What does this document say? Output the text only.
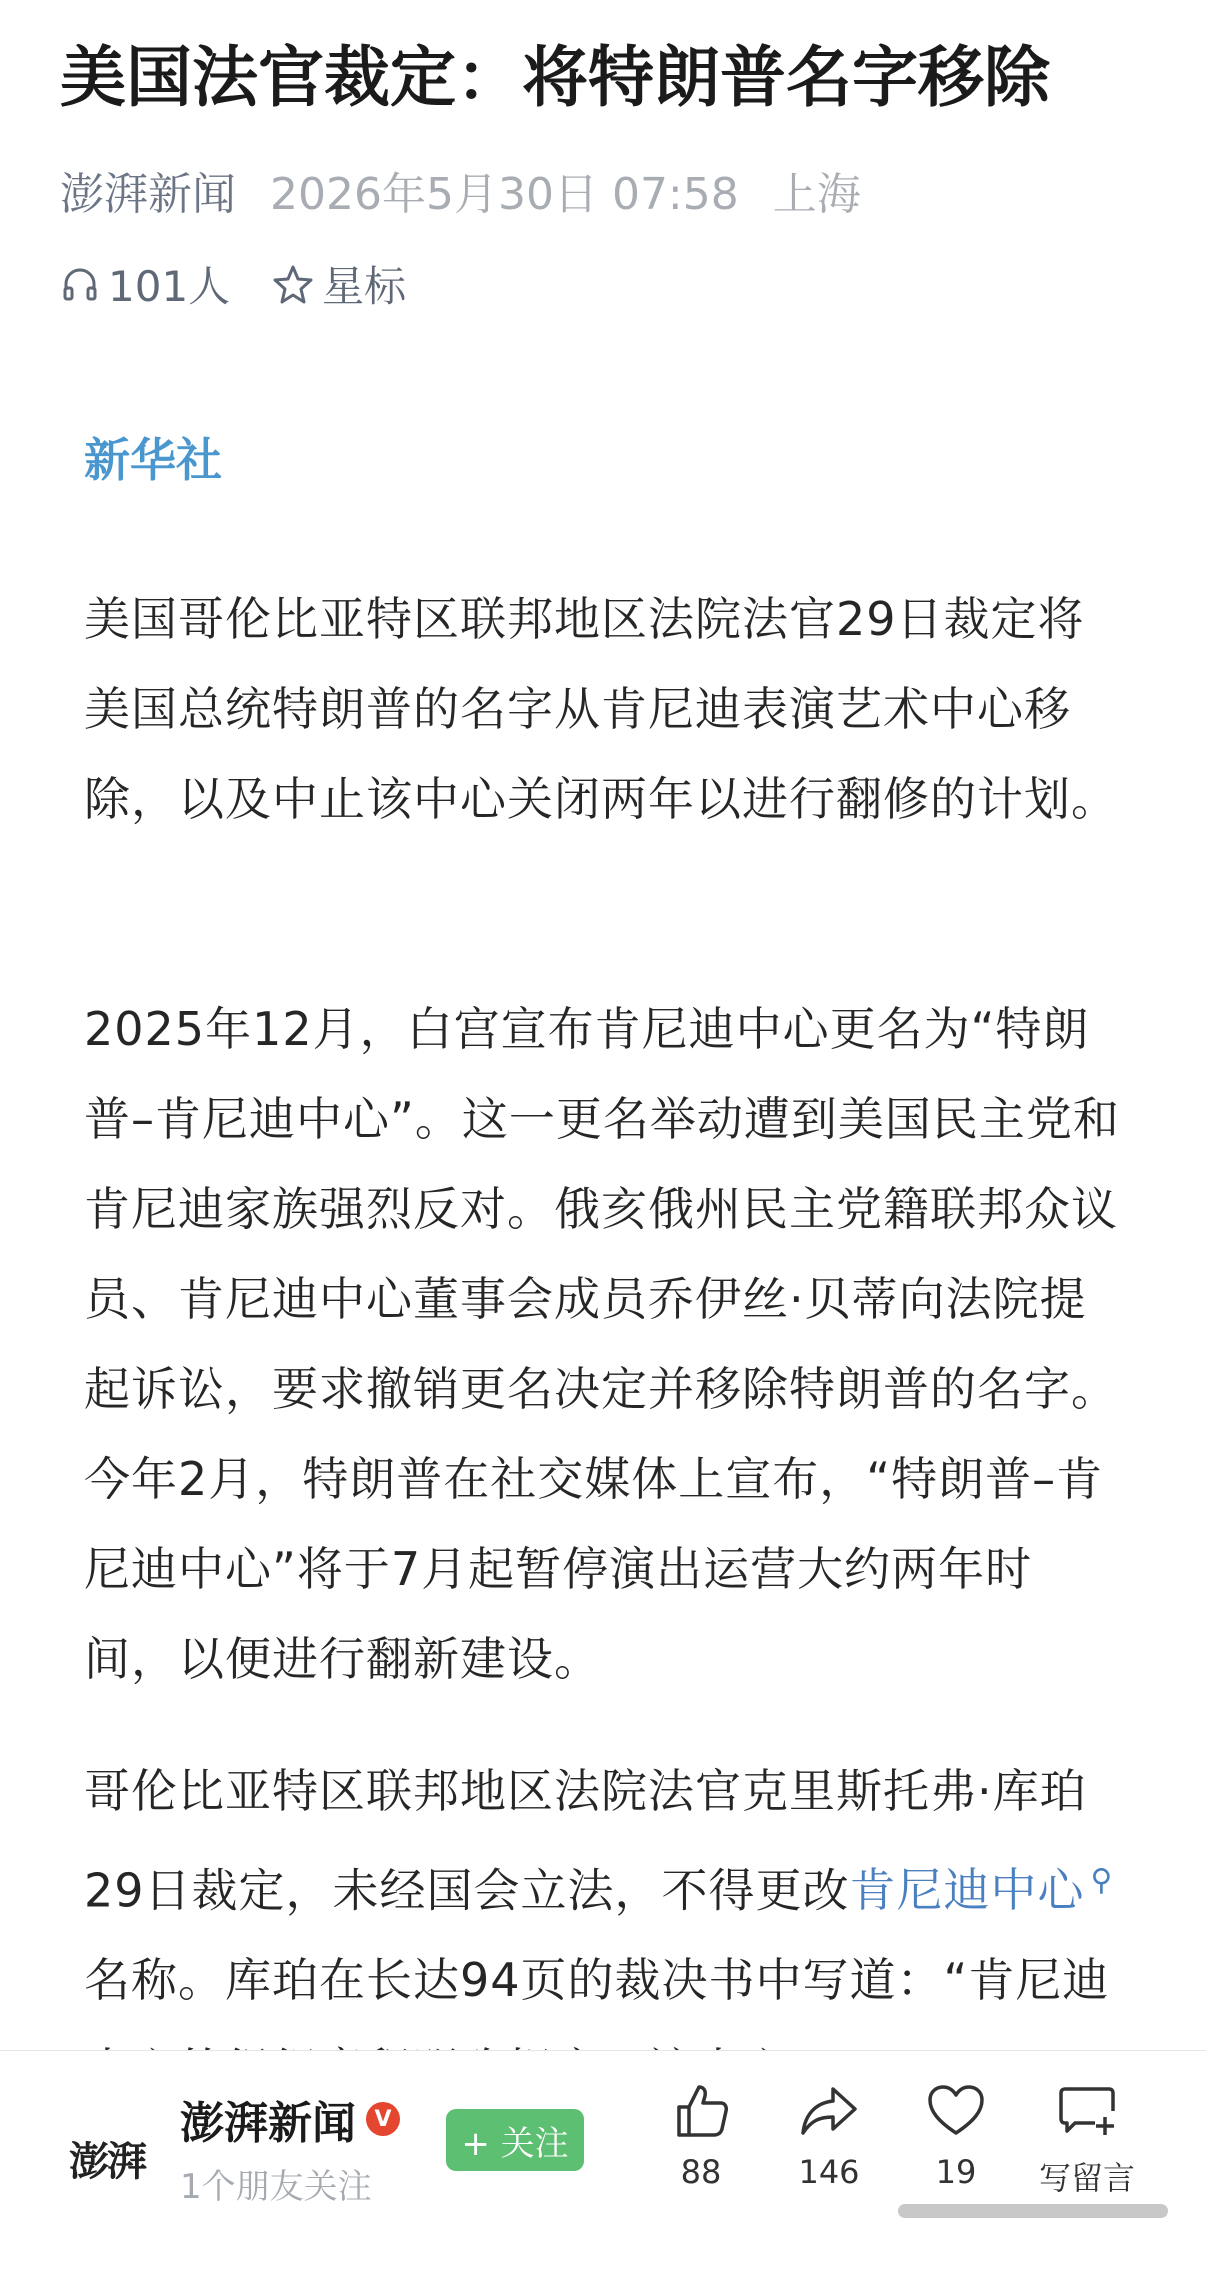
美国法官裁定：将特朗普名字移除
澎湃新闻 2026年5月30日 07:58 上海
101人 星标
新华社

美国哥伦比亚特区联邦地区法院法官29日裁定将美国总统特朗普的名字从肯尼迪表演艺术中心移除，以及中止该中心关闭两年以进行翻修的计划。

2025年12月，白宫宣布肯尼迪中心更名为“特朗普–肯尼迪中心”。这一更名举动遭到美国民主党和肯尼迪家族强烈反对。俄亥俄州民主党籍联邦众议员、肯尼迪中心董事会成员乔伊丝·贝蒂向法院提起诉讼，要求撤销更名决定并移除特朗普的名字。今年2月，特朗普在社交媒体上宣布，“特朗普–肯尼迪中心”将于7月起暂停演出运营大约两年时间，以便进行翻新建设。

哥伦比亚特区联邦地区法院法官克里斯托弗·库珀29日裁定，未经国会立法，不得更改肯尼迪中心 ⚲名称。库珀在长达94页的裁决书中写道：“肯尼迪

澎湃
澎湃新闻 V
1个朋友关注
+ 关注
88 146 19 写留言
